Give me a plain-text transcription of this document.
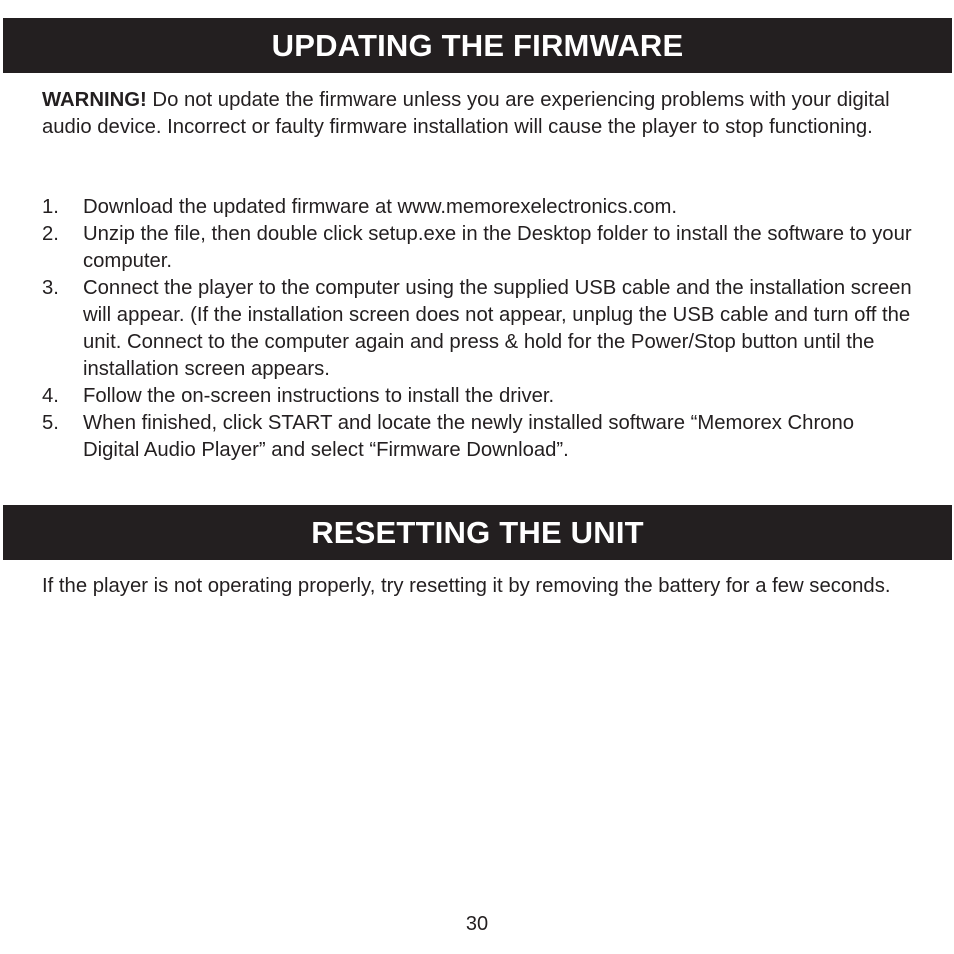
UPDATING THE FIRMWARE
WARNING! Do not update the firmware unless you are experiencing problems with your digital audio device. Incorrect or faulty firmware installation will cause the player to stop functioning.
1. Download the updated firmware at www.memorexelectronics.com.
2. Unzip the file, then double click setup.exe in the Desktop folder to install the software to your computer.
3. Connect the player to the computer using the supplied USB cable and the installation screen will appear. (If the installation screen does not appear, unplug the USB cable and turn off the unit. Connect to the computer again and press & hold for the Power/Stop button until the installation screen appears.
4. Follow the on-screen instructions to install the driver.
5. When finished, click START and locate the newly installed software “Memorex Chrono Digital Audio Player” and select “Firmware Download”.
RESETTING THE UNIT
If the player is not operating properly, try resetting it by removing the battery for a few seconds.
30
